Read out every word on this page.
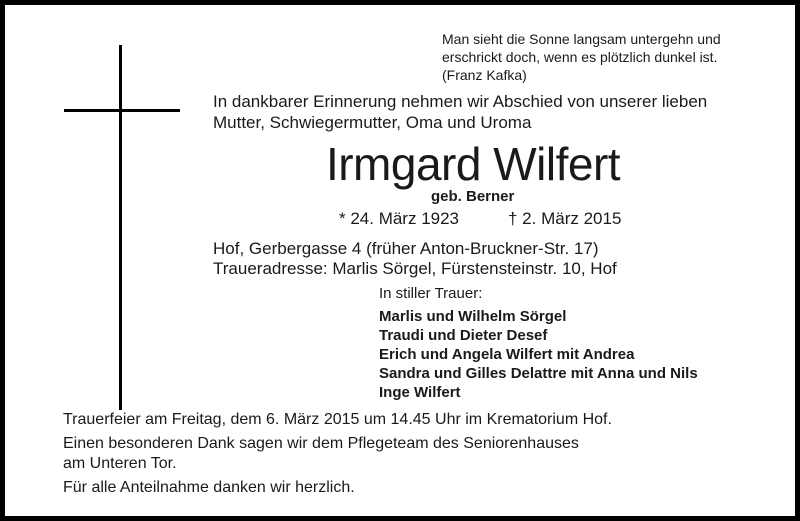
Man sieht die Sonne langsam untergehn und
erschrickt doch, wenn es plötzlich dunkel ist.
(Franz Kafka)
In dankbarer Erinnerung nehmen wir Abschied von unserer lieben
Mutter, Schwiegermutter, Oma und Uroma
Irmgard Wilfert
geb. Berner
* 24. März 1923	† 2. März 2015
Hof, Gerbergasse 4 (früher Anton-Bruckner-Str. 17)
Traueradresse: Marlis Sörgel, Fürstensteinstr. 10, Hof
In stiller Trauer:
Marlis und Wilhelm Sörgel
Traudi und Dieter Desef
Erich und Angela Wilfert mit Andrea
Sandra und Gilles Delattre mit Anna und Nils
Inge Wilfert
Trauerfeier am Freitag, dem 6. März 2015 um 14.45 Uhr im Krematorium Hof.
Einen besonderen Dank sagen wir dem Pflegeteam des Seniorenhauses
am Unteren Tor.
Für alle Anteilnahme danken wir herzlich.
